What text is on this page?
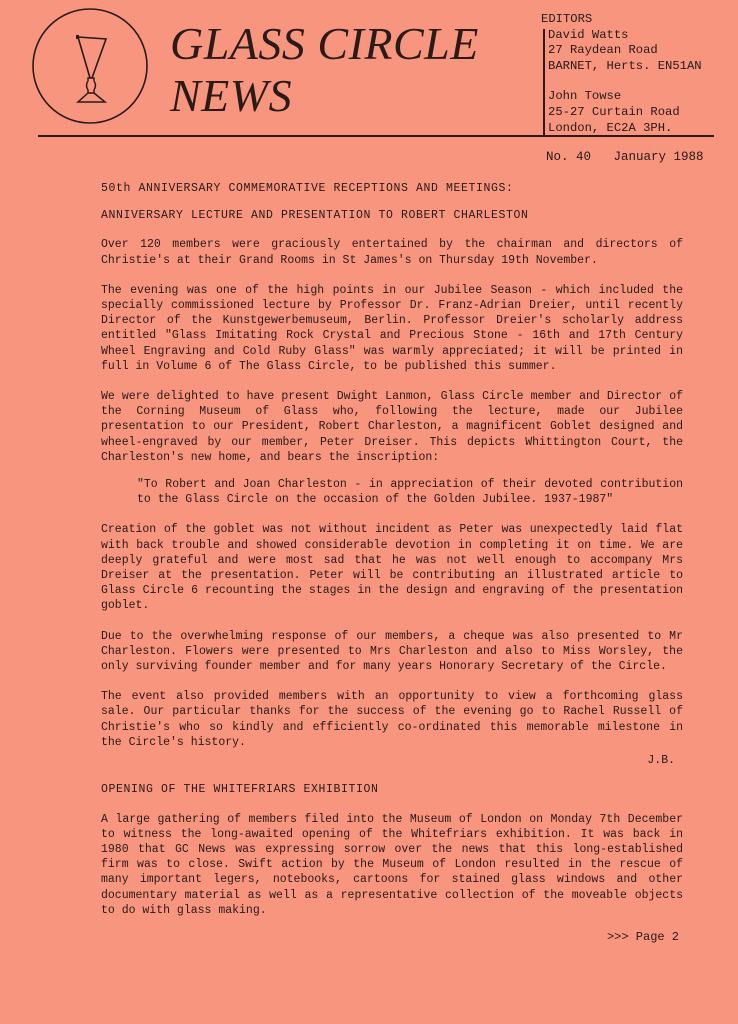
GLASS CIRCLE
NEWS
EDITORS
David Watts
27 Raydean Road
BARNET, Herts. EN51AN
John Towse
25-27 Curtain Road
London, EC2A 3PH.
No. 40 January 1988
50th ANNIVERSARY COMMEMORATIVE RECEPTIONS AND MEETINGS:
ANNIVERSARY LECTURE AND PRESENTATION TO ROBERT CHARLESTON

Over 120 members were graciously entertained by the chairman and directors of Christie's at their Grand Rooms in St James's on Thursday 19th November.

The evening was one of the high points in our Jubilee Season - which included the specially commissioned lecture by Professor Dr. Franz-Adrian Dreier, until recently Director of the Kunstgewerbemuseum, Berlin. Professor Dreier's scholarly address entitled "Glass Imitating Rock Crystal and Precious Stone - 16th and 17th Century Wheel Engraving and Cold Ruby Glass" was warmly appreciated; it will be printed in full in Volume 6 of The Glass Circle, to be published this summer.

We were delighted to have present Dwight Lanmon, Glass Circle member and Director of the Corning Museum of Glass who, following the lecture, made our Jubilee presentation to our President, Robert Charleston, a magnificent Goblet designed and wheel-engraved by our member, Peter Dreiser. This depicts Whittington Court, the Charleston's new home, and bears the inscription:

"To Robert and Joan Charleston - in appreciation of their devoted contribution to the Glass Circle on the occasion of the Golden Jubilee. 1937-1987"

Creation of the goblet was not without incident as Peter was unexpectedly laid flat with back trouble and showed considerable devotion in completing it on time. We are deeply grateful and were most sad that he was not well enough to accompany Mrs Dreiser at the presentation. Peter will be contributing an illustrated article to Glass Circle 6 recounting the stages in the design and engraving of the presentation goblet.

Due to the overwhelming response of our members, a cheque was also presented to Mr Charleston. Flowers were presented to Mrs Charleston and also to Miss Worsley, the only surviving founder member and for many years Honorary Secretary of the Circle.

The event also provided members with an opportunity to view a forthcoming glass sale. Our particular thanks for the success of the evening go to Rachel Russell of Christie's who so kindly and efficiently co-ordinated this memorable milestone in the Circle's history.

J.B.
OPENING OF THE WHITEFRIARS EXHIBITION

A large gathering of members filed into the Museum of London on Monday 7th December to witness the long-awaited opening of the Whitefriars exhibition. It was back in 1980 that GC News was expressing sorrow over the news that this long-established firm was to close. Swift action by the Museum of London resulted in the rescue of many important legers, notebooks, cartoons for stained glass windows and other documentary material as well as a representative collection of the moveable objects to do with glass making.

>>> Page 2
